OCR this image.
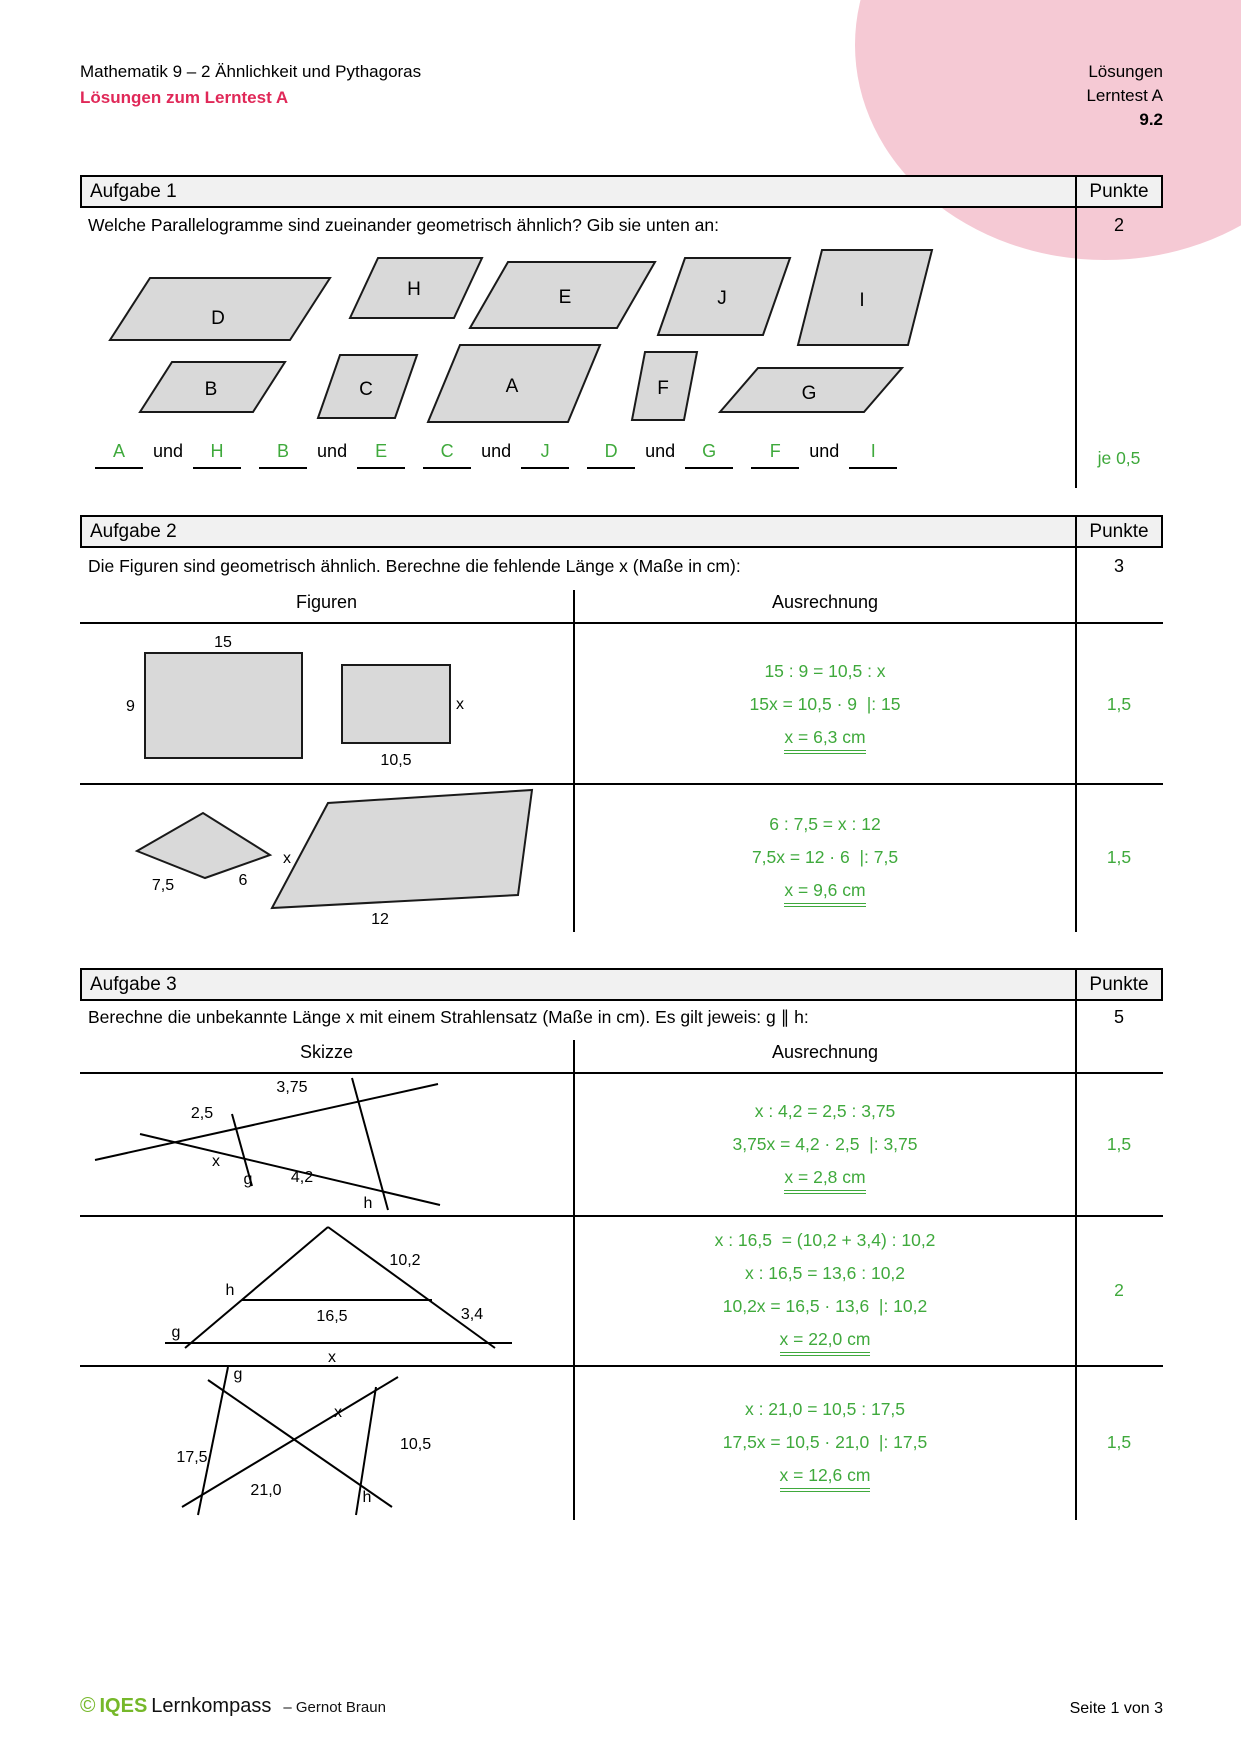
Mathematik 9 – 2 Ähnlichkeit und Pythagoras
Lösungen zum Lerntest A
Lösungen
Lerntest A
9.2
Aufgabe 1	Punkte
Welche Parallelogramme sind zueinander geometrisch ähnlich? Gib sie unten an:	2
D
H	E	J	I
B	C	A	F	G
A	und	H	B	und	E	C	und	J	D	und	G	F	und	I	je 0,5
Aufgabe 2	Punkte
Die Figuren sind geometrisch ähnlich. Berechne die fehlende Länge x (Maße in cm):	3
Figuren	Ausrechnung
15
9	x
10,5
15 : 9 = 10,5 : x
15x = 10,5 · 9  |: 15
x = 6,3 cm
1,5
7,5	6
x
12
6 : 7,5 = x : 12
7,5x = 12 · 6  |: 7,5
x = 9,6 cm
1,5
Aufgabe 3	Punkte
Berechne die unbekannte Länge x mit einem Strahlensatz (Maße in cm). Es gilt jeweis: g ∥ h:	5
Skizze	Ausrechnung
3,75
2,5
x
g 4,2
h
x : 4,2 = 2,5 : 3,75
3,75x = 4,2 · 2,5  |: 3,75
x = 2,8 cm
1,5
10,2
h
16,5	3,4
g
x
x : 16,5  = (10,2 + 3,4) : 10,2
x : 16,5 = 13,6 : 10,2
10,2x = 16,5 · 13,6  |: 10,2
x = 22,0 cm
2
g
x
17,5
10,5
21,0	h
x : 21,0 = 10,5 : 17,5
17,5x = 10,5 · 21,0  |: 17,5
x = 12,6 cm
1,5
© IQES Lernkompass – Gernot Braun	Seite 1 von 3
